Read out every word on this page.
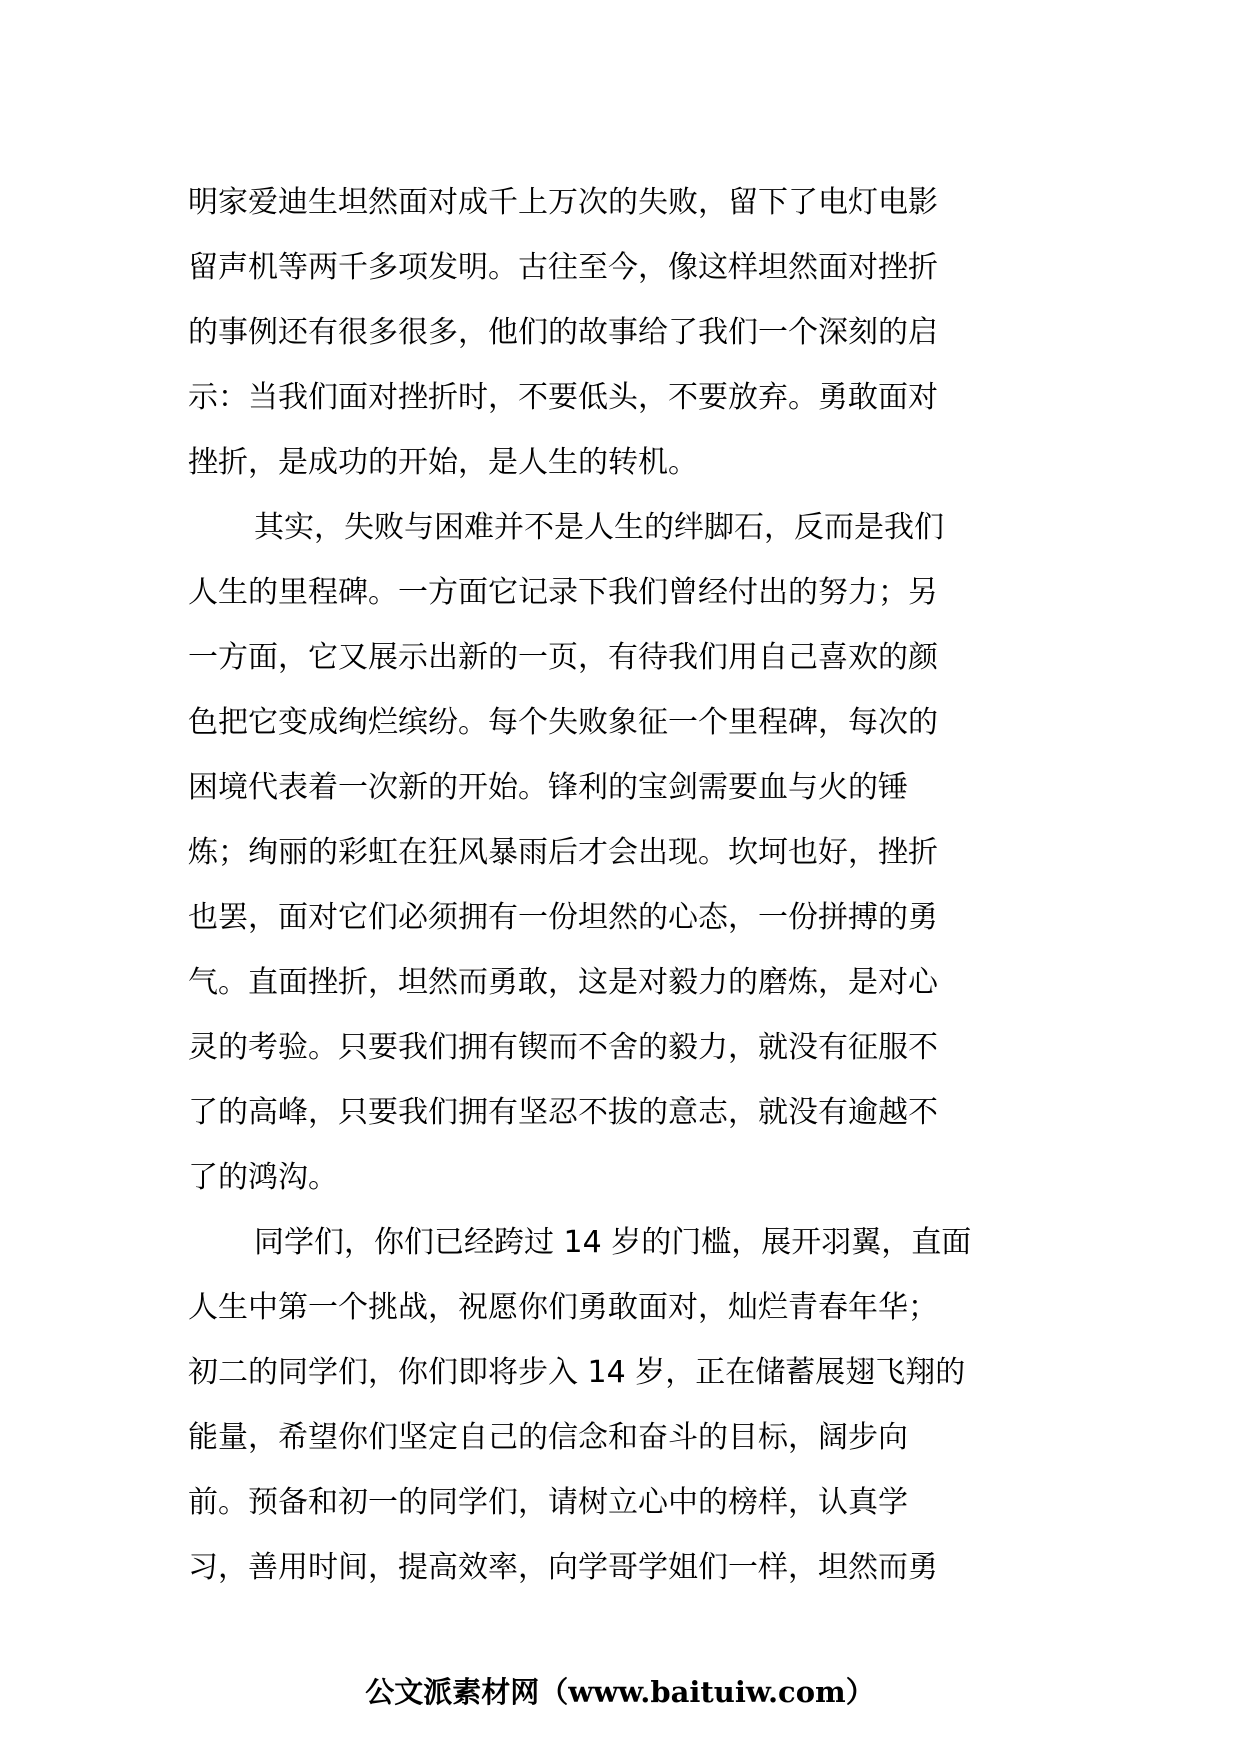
明家爱迪生坦然面对成千上万次的失败，留下了电灯电影
留声机等两千多项发明。古往至今，像这样坦然面对挫折
的事例还有很多很多，他们的故事给了我们一个深刻的启
示：当我们面对挫折时，不要低头，不要放弃。勇敢面对
挫折，是成功的开始，是人生的转机。
其实，失败与困难并不是人生的绊脚石，反而是我们
人生的里程碑。一方面它记录下我们曾经付出的努力；另
一方面，它又展示出新的一页，有待我们用自己喜欢的颜
色把它变成绚烂缤纷。每个失败象征一个里程碑，每次的
困境代表着一次新的开始。锋利的宝剑需要血与火的锤
炼；绚丽的彩虹在狂风暴雨后才会出现。坎坷也好，挫折
也罢，面对它们必须拥有一份坦然的心态，一份拼搏的勇
气。直面挫折，坦然而勇敢，这是对毅力的磨炼，是对心
灵的考验。只要我们拥有锲而不舍的毅力，就没有征服不
了的高峰，只要我们拥有坚忍不拔的意志，就没有逾越不
了的鸿沟。
同学们，你们已经跨过 14 岁的门槛，展开羽翼，直面
人生中第一个挑战，祝愿你们勇敢面对，灿烂青春年华；
初二的同学们，你们即将步入 14 岁，正在储蓄展翅飞翔的
能量，希望你们坚定自己的信念和奋斗的目标，阔步向
前。预备和初一的同学们，请树立心中的榜样，认真学
习，善用时间，提高效率，向学哥学姐们一样，坦然而勇
公文派素材网（www.baituiw.com）
